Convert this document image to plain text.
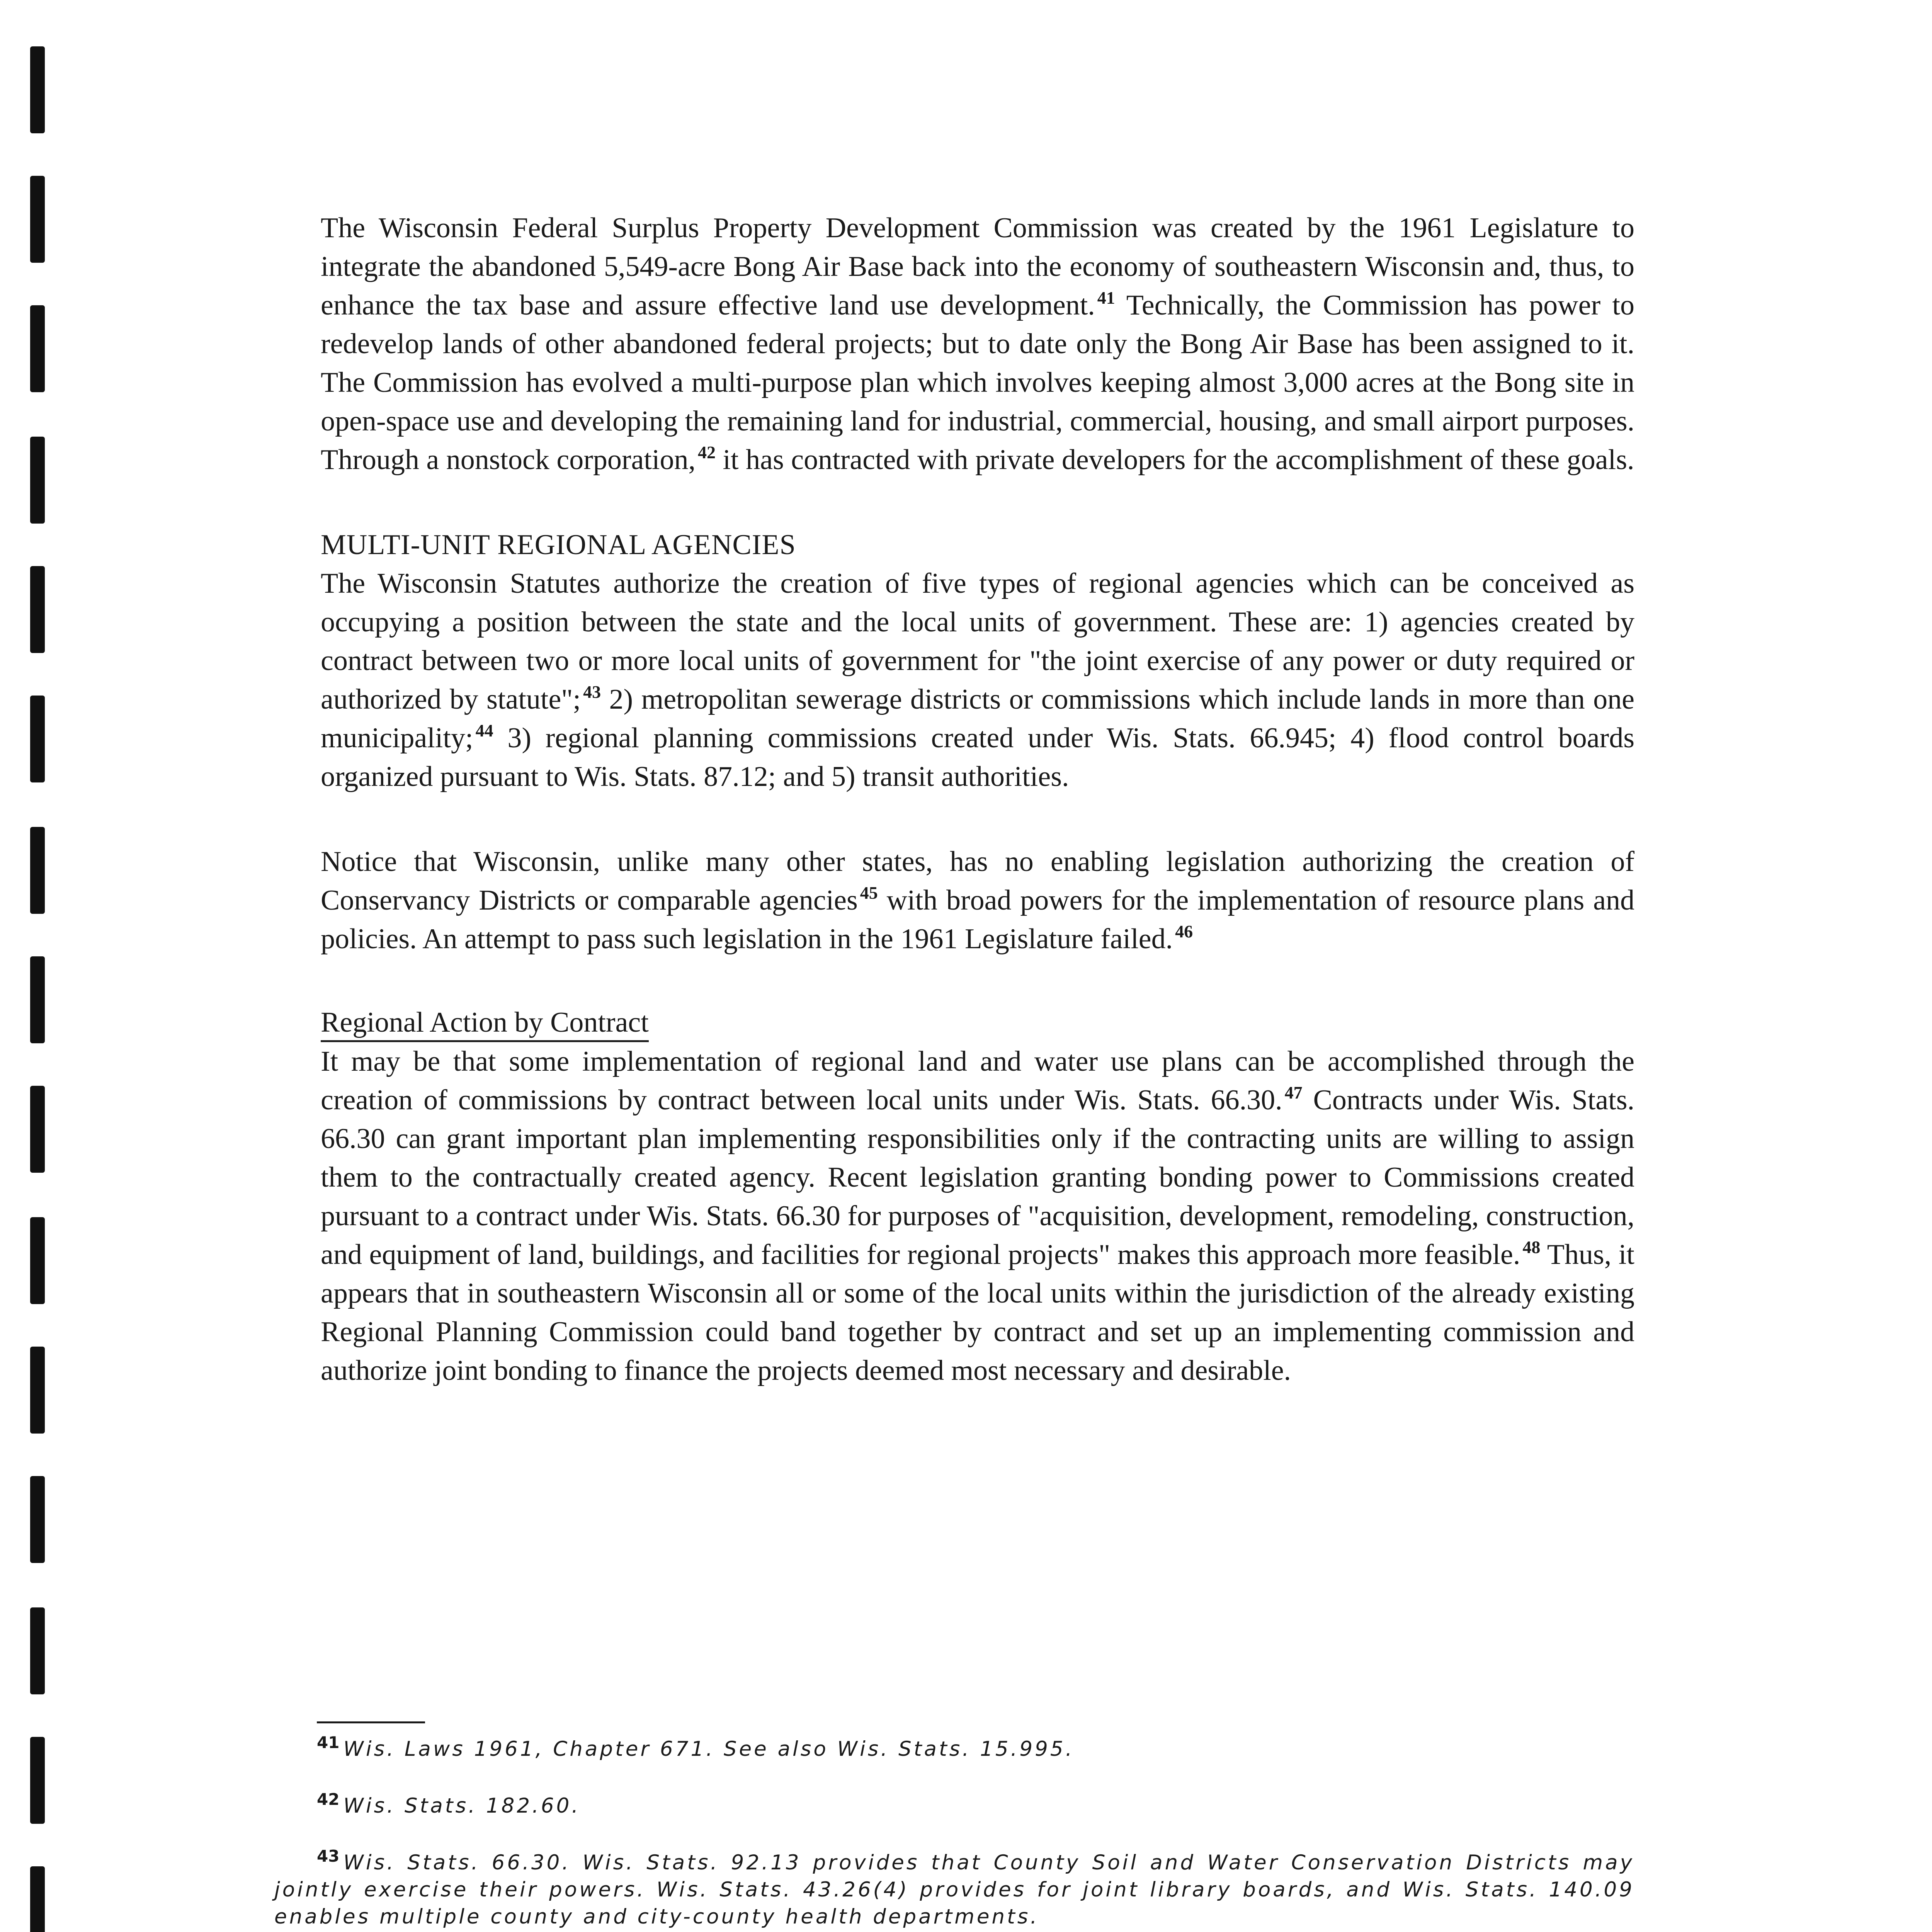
The Wisconsin Federal Surplus Property Development Commission was created by the 1961 Legislature to integrate the abandoned 5,549-acre Bong Air Base back into the economy of southeastern Wisconsin and, thus, to enhance the tax base and assure effective land use development. $^{41}$ Technically, the Commission has power to redevelop lands of other abandoned federal projects; but to date only the Bong Air Base has been assigned to it. The Commission has evolved a multi-purpose plan which involves keeping almost 3,000 acres at the Bong site in open-space use and developing the remaining land for industrial, commercial, housing, and small airport purposes. Through a nonstock corporation, $^{42}$ it has contracted with private developers for the accomplishment of these goals.

MULTI-UNIT REGIONAL AGENCIES

The Wisconsin Statutes authorize the creation of five types of regional agencies which can be conceived as occupying a position between the state and the local units of government. These are: 1) agencies created by contract between two or more local units of government for "the joint exercise of any power or duty required or authorized by statute"; $^{43}$ 2) metropolitan sewerage districts or commissions which include lands in more than one municipality; $^{44}$ 3) regional planning commissions created under Wis. Stats. 66.945; 4) flood control boards organized pursuant to Wis. Stats. 87.12; and 5) transit authorities.

Notice that Wisconsin, unlike many other states, has no enabling legislation authorizing the creation of Conservancy Districts or comparable agencies $^{45}$ with broad powers for the implementation of resource plans and policies. An attempt to pass such legislation in the 1961 Legislature failed. $^{46}$

Regional Action by Contract

It may be that some implementation of regional land and water use plans can be accomplished through the creation of commissions by contract between local units under Wis. Stats. 66.30. $^{47}$ Contracts under Wis. Stats. 66.30 can grant important plan implementing responsibilities only if the contracting units are willing to assign them to the contractually created agency. Recent legislation granting bonding power to Commissions created pursuant to a contract under Wis. Stats. 66.30 for purposes of "acquisition, development, remodeling, construction, and equipment of land, buildings, and facilities for regional projects" makes this approach more feasible. $^{48}$ Thus, it appears that in southeastern Wisconsin all or some of the local units within the jurisdiction of the already existing Regional Planning Commission could band together by contract and set up an implementing commission and authorize joint bonding to finance the projects deemed most necessary and desirable.

$^{41}$ Wis. Laws 1961, Chapter 671. See also Wis. Stats. 15.995.

$^{42}$ Wis. Stats. 182.60.

$^{43}$ Wis. Stats. 66.30. Wis. Stats. 92.13 provides that County Soil and Water Conservation Districts may jointly exercise their powers. Wis. Stats. 43.26(4) provides for joint library boards, and Wis. Stats. 140.09 enables multiple county and city-county health departments.
